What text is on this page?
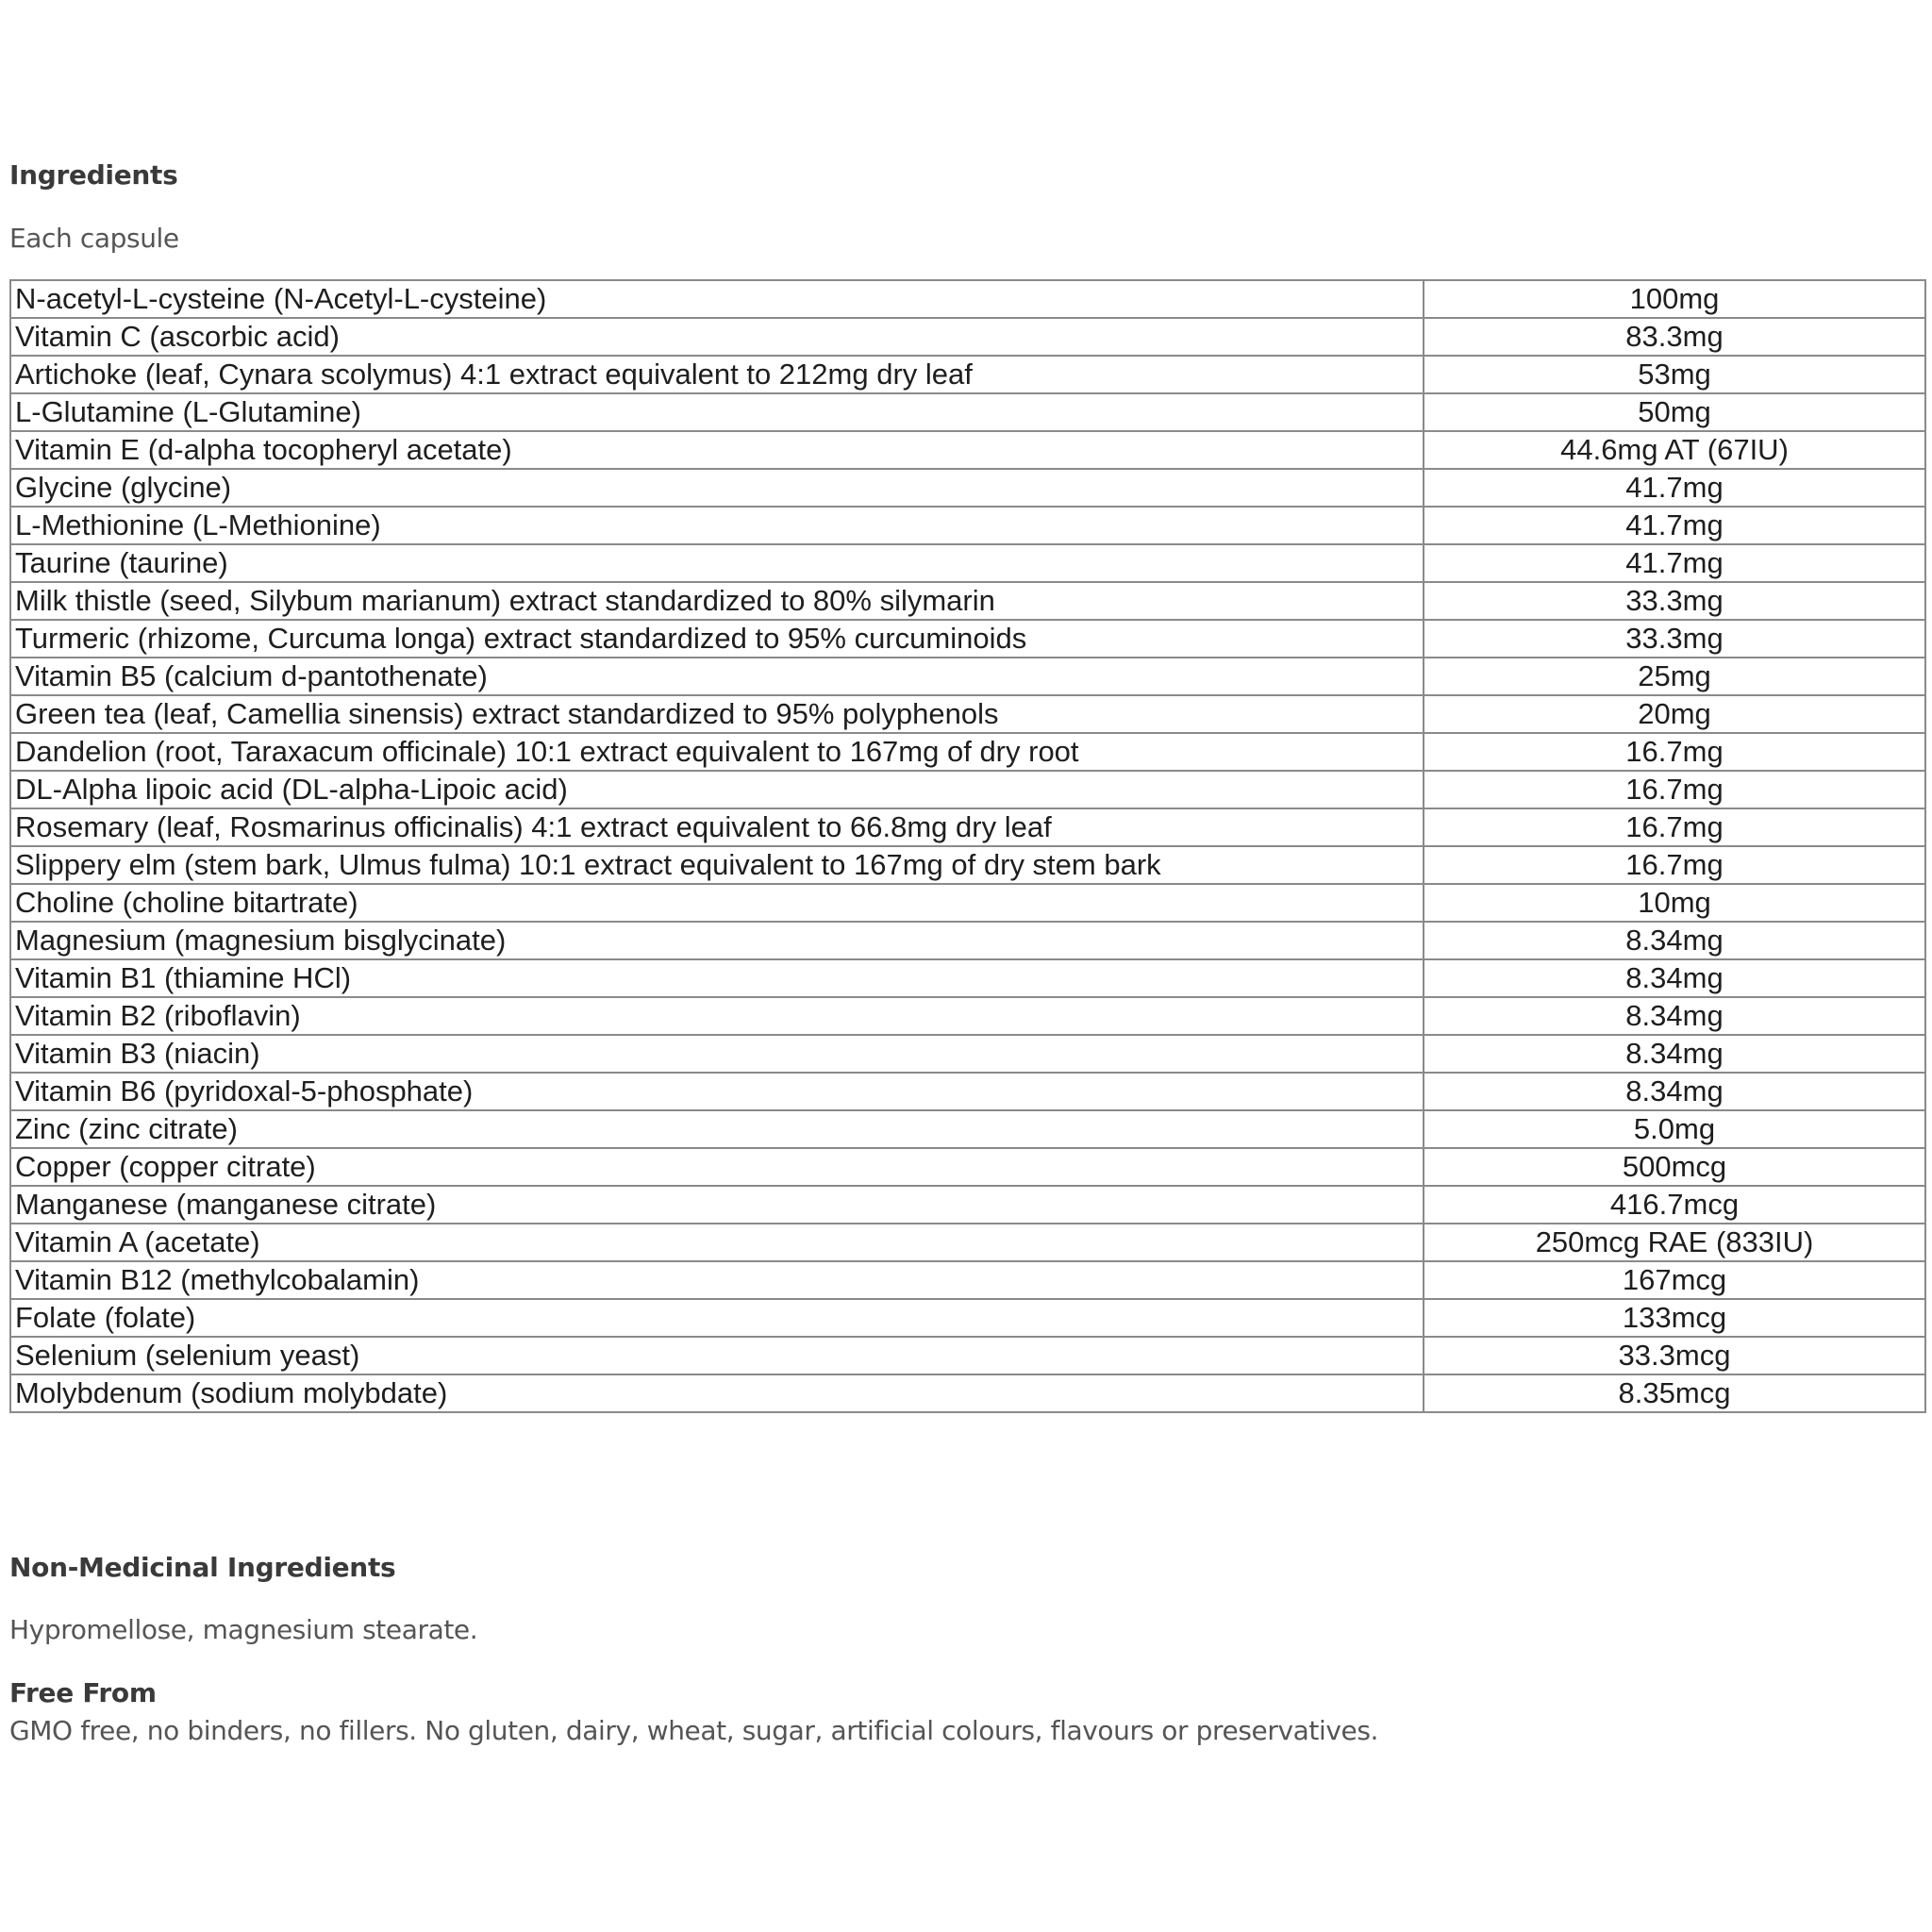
Ingredients
Each capsule
N-acetyl-L-cysteine (N-Acetyl-L-cysteine)	100mg
Vitamin C (ascorbic acid)	83.3mg
Artichoke (leaf, Cynara scolymus) 4:1 extract equivalent to 212mg dry leaf	53mg
L-Glutamine (L-Glutamine)	50mg
Vitamin E (d-alpha tocopheryl acetate)	44.6mg AT (67IU)
Glycine (glycine)	41.7mg
L-Methionine (L-Methionine)	41.7mg
Taurine (taurine)	41.7mg
Milk thistle (seed, Silybum marianum) extract standardized to 80% silymarin	33.3mg
Turmeric (rhizome, Curcuma longa) extract standardized to 95% curcuminoids	33.3mg
Vitamin B5 (calcium d-pantothenate)	25mg
Green tea (leaf, Camellia sinensis) extract standardized to 95% polyphenols	20mg
Dandelion (root, Taraxacum officinale) 10:1 extract equivalent to 167mg of dry root	16.7mg
DL-Alpha lipoic acid (DL-alpha-Lipoic acid)	16.7mg
Rosemary (leaf, Rosmarinus officinalis) 4:1 extract equivalent to 66.8mg dry leaf	16.7mg
Slippery elm (stem bark, Ulmus fulma) 10:1 extract equivalent to 167mg of dry stem bark	16.7mg
Choline (choline bitartrate)	10mg
Magnesium (magnesium bisglycinate)	8.34mg
Vitamin B1 (thiamine HCl)	8.34mg
Vitamin B2 (riboflavin)	8.34mg
Vitamin B3 (niacin)	8.34mg
Vitamin B6 (pyridoxal-5-phosphate)	8.34mg
Zinc (zinc citrate)	5.0mg
Copper (copper citrate)	500mcg
Manganese (manganese citrate)	416.7mcg
Vitamin A (acetate)	250mcg RAE (833IU)
Vitamin B12 (methylcobalamin)	167mcg
Folate (folate)	133mcg
Selenium (selenium yeast)	33.3mcg
Molybdenum (sodium molybdate)	8.35mcg
Non-Medicinal Ingredients
Hypromellose, magnesium stearate.
Free From
GMO free, no binders, no fillers. No gluten, dairy, wheat, sugar, artificial colours, flavours or preservatives.
